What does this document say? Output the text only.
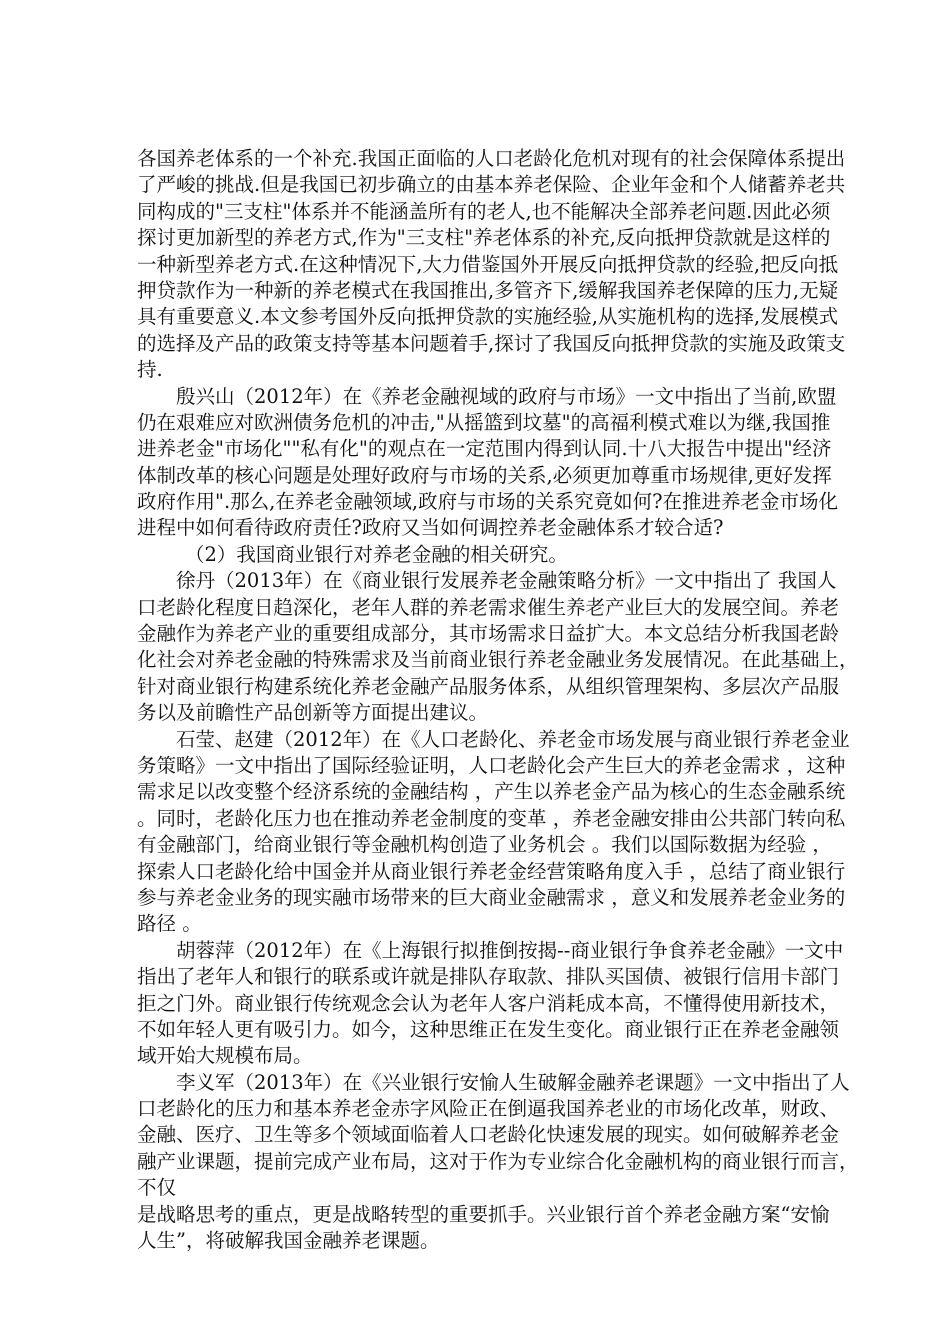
各国养老体系的一个补充.我国正面临的人口老龄化危机对现有的社会保障体系提出
了严峻的挑战.但是我国已初步确立的由基本养老保险、企业年金和个人储蓄养老共
同构成的"三支柱"体系并不能涵盖所有的老人,也不能解决全部养老问题.因此必须
探讨更加新型的养老方式,作为"三支柱"养老体系的补充,反向抵押贷款就是这样的
一种新型养老方式.在这种情况下,大力借鉴国外开展反向抵押贷款的经验,把反向抵
押贷款作为一种新的养老模式在我国推出,多管齐下,缓解我国养老保障的压力,无疑
具有重要意义.本文参考国外反向抵押贷款的实施经验,从实施机构的选择,发展模式
的选择及产品的政策支持等基本问题着手,探讨了我国反向抵押贷款的实施及政策支
持.
殷兴山（2012年）在《养老金融视域的政府与市场》一文中指出了当前,欧盟
仍在艰难应对欧洲债务危机的冲击,"从摇篮到坟墓"的高福利模式难以为继,我国推
进养老金"市场化""私有化"的观点在一定范围内得到认同.十八大报告中提出"经济
体制改革的核心问题是处理好政府与市场的关系,必须更加尊重市场规律,更好发挥
政府作用".那么,在养老金融领域,政府与市场的关系究竟如何?在推进养老金市场化
进程中如何看待政府责任?政府又当如何调控养老金融体系才较合适?
（2）我国商业银行对养老金融的相关研究。
徐丹（2013年）在《商业银行发展养老金融策略分析》一文中指出了 我国人
口老龄化程度日趋深化，老年人群的养老需求催生养老产业巨大的发展空间。养老
金融作为养老产业的重要组成部分，其市场需求日益扩大。本文总结分析我国老龄
化社会对养老金融的特殊需求及当前商业银行养老金融业务发展情况。在此基础上，
针对商业银行构建系统化养老金融产品服务体系，从组织管理架构、多层次产品服
务以及前瞻性产品创新等方面提出建议。
石莹、赵建（2012年）在《人口老龄化、养老金市场发展与商业银行养老金业
务策略》一文中指出了国际经验证明，人口老龄化会产生巨大的养老金需求 ，这种
需求足以改变整个经济系统的金融结构 ，产生以养老金产品为核心的生态金融系统
。同时，老龄化压力也在推动养老金制度的变革 ，养老金融安排由公共部门转向私
有金融部门，给商业银行等金融机构创造了业务机会 。我们以国际数据为经验 ，
探索人口老龄化给中国金并从商业银行养老金经营策略角度入手 ，总结了商业银行
参与养老金业务的现实融市场带来的巨大商业金融需求 ，意义和发展养老金业务的
路径 。
胡蓉萍（2012年）在《上海银行拟推倒按揭--商业银行争食养老金融》一文中
指出了老年人和银行的联系或许就是排队存取款、排队买国债、被银行信用卡部门
拒之门外。商业银行传统观念会认为老年人客户消耗成本高，不懂得使用新技术，
不如年轻人更有吸引力。如今，这种思维正在发生变化。商业银行正在养老金融领
域开始大规模布局。
李义军（2013年）在《兴业银行安愉人生破解金融养老课题》一文中指出了人
口老龄化的压力和基本养老金赤字风险正在倒逼我国养老业的市场化改革，财政、
金融、医疗、卫生等多个领域面临着人口老龄化快速发展的现实。如何破解养老金
融产业课题，提前完成产业布局，这对于作为专业综合化金融机构的商业银行而言，
不仅
是战略思考的重点，更是战略转型的重要抓手。兴业银行首个养老金融方案“安愉
人生”，将破解我国金融养老课题。
